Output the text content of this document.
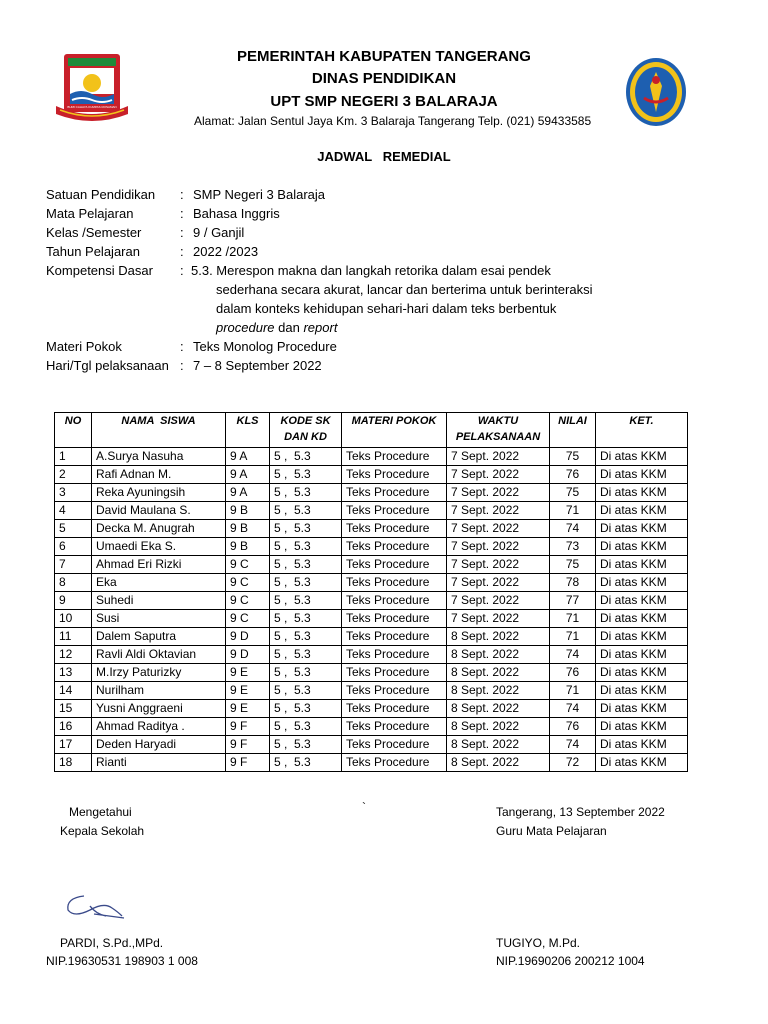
BUMI CAHAYA KUMPAS ROSAMAN
PEMERINTAH KABUPATEN TANGERANG
DINAS PENDIDIKAN
UPT SMP NEGERI 3 BALARAJA
Alamat: Jalan Sentul Jaya Km. 3 Balaraja Tangerang Telp. (021) 59433585
JADWAL   REMEDIAL
Satuan Pendidikan : SMP Negeri 3 Balaraja
Mata Pelajaran	: Bahasa Inggris
Kelas /Semester	: 9 / Ganjil
Tahun Pelajaran	: 2022 /2023
Kompetensi Dasar : 5.3. Merespon makna dan langkah retorika dalam esai pendek
sederhana secara akurat, lancar dan berterima untuk berinteraksi
dalam konteks kehidupan sehari-hari dalam teks berbentuk
procedure dan report
Materi Pokok	: Teks Monolog Procedure
Hari/Tgl pelaksanaan : 7 – 8 September 2022
NO	NAMA  SISWA	KLS	KODE SK DAN KD	MATERI POKOK	WAKTU PELAKSANAAN	NILAI	KET.
1	A.Surya Nasuha	9 A	5 ,  5.3	Teks Procedure	7 Sept. 2022	75	Di atas KKM
2	Rafi Adnan M.	9 A	5 ,  5.3	Teks Procedure	7 Sept. 2022	76	Di atas KKM
3	Reka Ayuningsih	9 A	5 ,  5.3	Teks Procedure	7 Sept. 2022	75	Di atas KKM
4	David Maulana S.	9 B	5 ,  5.3	Teks Procedure	7 Sept. 2022	71	Di atas KKM
5	Decka M. Anugrah	9 B	5 ,  5.3	Teks Procedure	7 Sept. 2022	74	Di atas KKM
6	Umaedi Eka S.	9 B	5 ,  5.3	Teks Procedure	7 Sept. 2022	73	Di atas KKM
7	Ahmad Eri Rizki	9 C	5 ,  5.3	Teks Procedure	7 Sept. 2022	75	Di atas KKM
8	Eka	9 C	5 ,  5.3	Teks Procedure	7 Sept. 2022	78	Di atas KKM
9	Suhedi	9 C	5 ,  5.3	Teks Procedure	7 Sept. 2022	77	Di atas KKM
10	Susi	9 C	5 ,  5.3	Teks Procedure	7 Sept. 2022	71	Di atas KKM
11	Dalem Saputra	9 D	5 ,  5.3	Teks Procedure	8 Sept. 2022	71	Di atas KKM
12	Ravli Aldi Oktavian	9 D	5 ,  5.3	Teks Procedure	8 Sept. 2022	74	Di atas KKM
13	M.Irzy Paturizky	9 E	5 ,  5.3	Teks Procedure	8 Sept. 2022	76	Di atas KKM
14	Nurilham	9 E	5 ,  5.3	Teks Procedure	8 Sept. 2022	71	Di atas KKM
15	Yusni Anggraeni	9 E	5 ,  5.3	Teks Procedure	8 Sept. 2022	74	Di atas KKM
16	Ahmad Raditya .	9 F	5 ,  5.3	Teks Procedure	8 Sept. 2022	76	Di atas KKM
17	Deden Haryadi	9 F	5 ,  5.3	Teks Procedure	8 Sept. 2022	74	Di atas KKM
18	Rianti	9 F	5 ,  5.3	Teks Procedure	8 Sept. 2022	72	Di atas KKM
Mengetahui
Kepala Sekolah
`	Tangerang, 13 September 2022
Guru Mata Pelajaran
PARDI, S.Pd.,MPd.
NIP.19630531 198903 1 008
TUGIYO, M.Pd.
NIP.19690206 200212 1004
